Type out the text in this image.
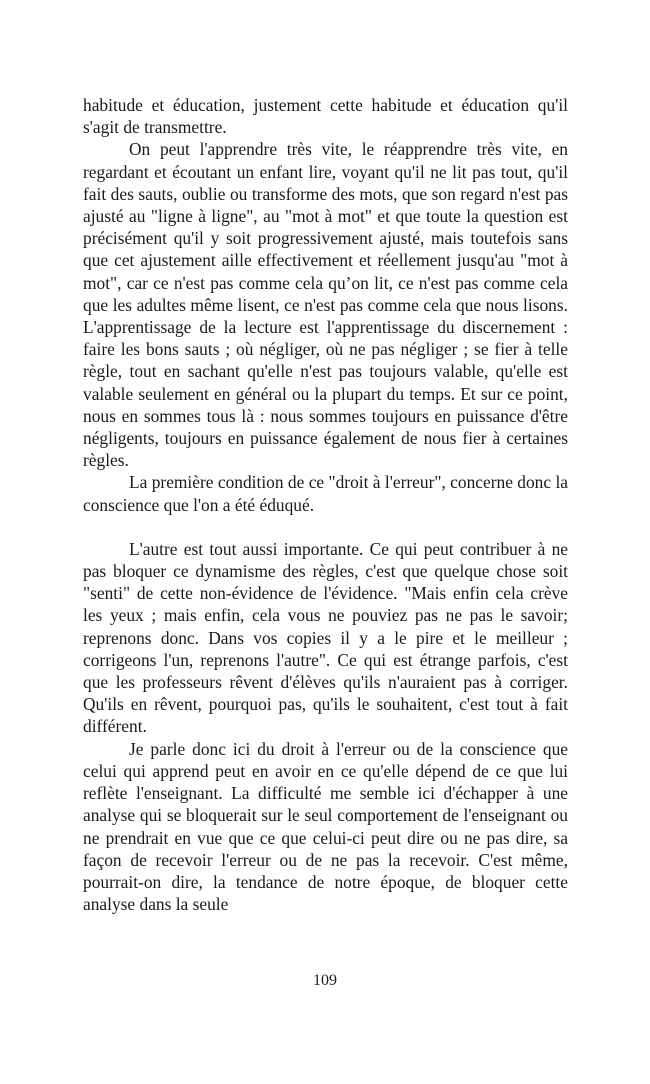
habitude et éducation, justement cette habitude et éducation qu'il s'agit de transmettre.

On peut l'apprendre très vite, le réapprendre très vite, en regardant et écoutant un enfant lire, voyant qu'il ne lit pas tout, qu'il fait des sauts, oublie ou transforme des mots, que son regard n'est pas ajusté au "ligne à ligne", au "mot à mot" et que toute la question est précisément qu'il y soit progressivement ajusté, mais toutefois sans que cet ajustement aille effectivement et réellement jusqu'au "mot à mot", car ce n'est pas comme cela qu’on lit, ce n'est pas comme cela que les adultes même lisent, ce n'est pas comme cela que nous lisons. L'apprentissage de la lecture est l'apprentissage du discernement : faire les bons sauts ; où négliger, où ne pas négliger ; se fier à telle règle, tout en sachant qu'elle n'est pas toujours valable, qu'elle est valable seulement en général ou la plupart du temps. Et sur ce point, nous en sommes tous là : nous sommes toujours en puissance d'être négligents, toujours en puissance également de nous fier à certaines règles.

La première condition de ce "droit à l'erreur", concerne donc la conscience que l'on a été éduqué.

L'autre est tout aussi importante. Ce qui peut contribuer à ne pas bloquer ce dynamisme des règles, c'est que quelque chose soit "senti" de cette non-évidence de l'évidence. "Mais enfin cela crève les yeux ; mais enfin, cela vous ne pouviez pas ne pas le savoir; reprenons donc. Dans vos copies il y a le pire et le meilleur ; corrigeons l'un, reprenons l'autre". Ce qui est étrange parfois, c'est que les professeurs rêvent d'élèves qu'ils n'auraient pas à corriger. Qu'ils en rêvent, pourquoi pas, qu'ils le souhaitent, c'est tout à fait différent.

Je parle donc ici du droit à l'erreur ou de la conscience que celui qui apprend peut en avoir en ce qu'elle dépend de ce que lui reflète l'enseignant. La difficulté me semble ici d'échapper à une analyse qui se bloquerait sur le seul comportement de l'enseignant ou ne prendrait en vue que ce que celui-ci peut dire ou ne pas dire, sa façon de recevoir l'erreur ou de ne pas la recevoir. C'est même, pourrait-on dire, la tendance de notre époque, de bloquer cette analyse dans la seule

109
